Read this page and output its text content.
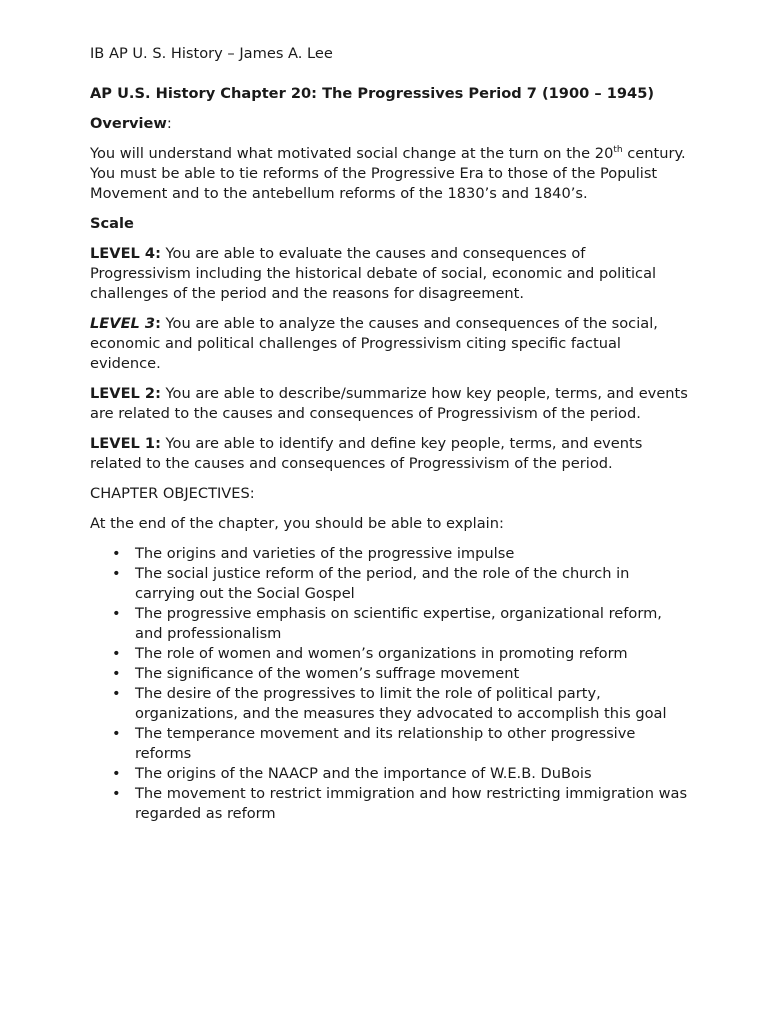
IB AP U. S. History – James A. Lee
AP U.S. History Chapter 20: The Progressives Period 7 (1900 – 1945)
Overview:
You will understand what motivated social change at the turn on the 20th century. You must be able to tie reforms of the Progressive Era to those of the Populist Movement and to the antebellum reforms of the 1830’s and 1840’s.
Scale
LEVEL 4: You are able to evaluate the causes and consequences of Progressivism including the historical debate of social, economic and political challenges of the period and the reasons for disagreement.
LEVEL 3: You are able to analyze the causes and consequences of the social, economic and political challenges of Progressivism citing specific factual evidence.
LEVEL 2: You are able to describe/summarize how key people, terms, and events are related to the causes and consequences of Progressivism of the period.
LEVEL 1: You are able to identify and define key people, terms, and events related to the causes and consequences of Progressivism of the period.
CHAPTER OBJECTIVES:
At the end of the chapter, you should be able to explain:
• The origins and varieties of the progressive impulse
• The social justice reform of the period, and the role of the church in carrying out the Social Gospel
• The progressive emphasis on scientific expertise, organizational reform, and professionalism
• The role of women and women’s organizations in promoting reform
• The significance of the women’s suffrage movement
• The desire of the progressives to limit the role of political party, organizations, and the measures they advocated to accomplish this goal
• The temperance movement and its relationship to other progressive reforms
• The origins of the NAACP and the importance of W.E.B. DuBois
• The movement to restrict immigration and how restricting immigration was regarded as reform
